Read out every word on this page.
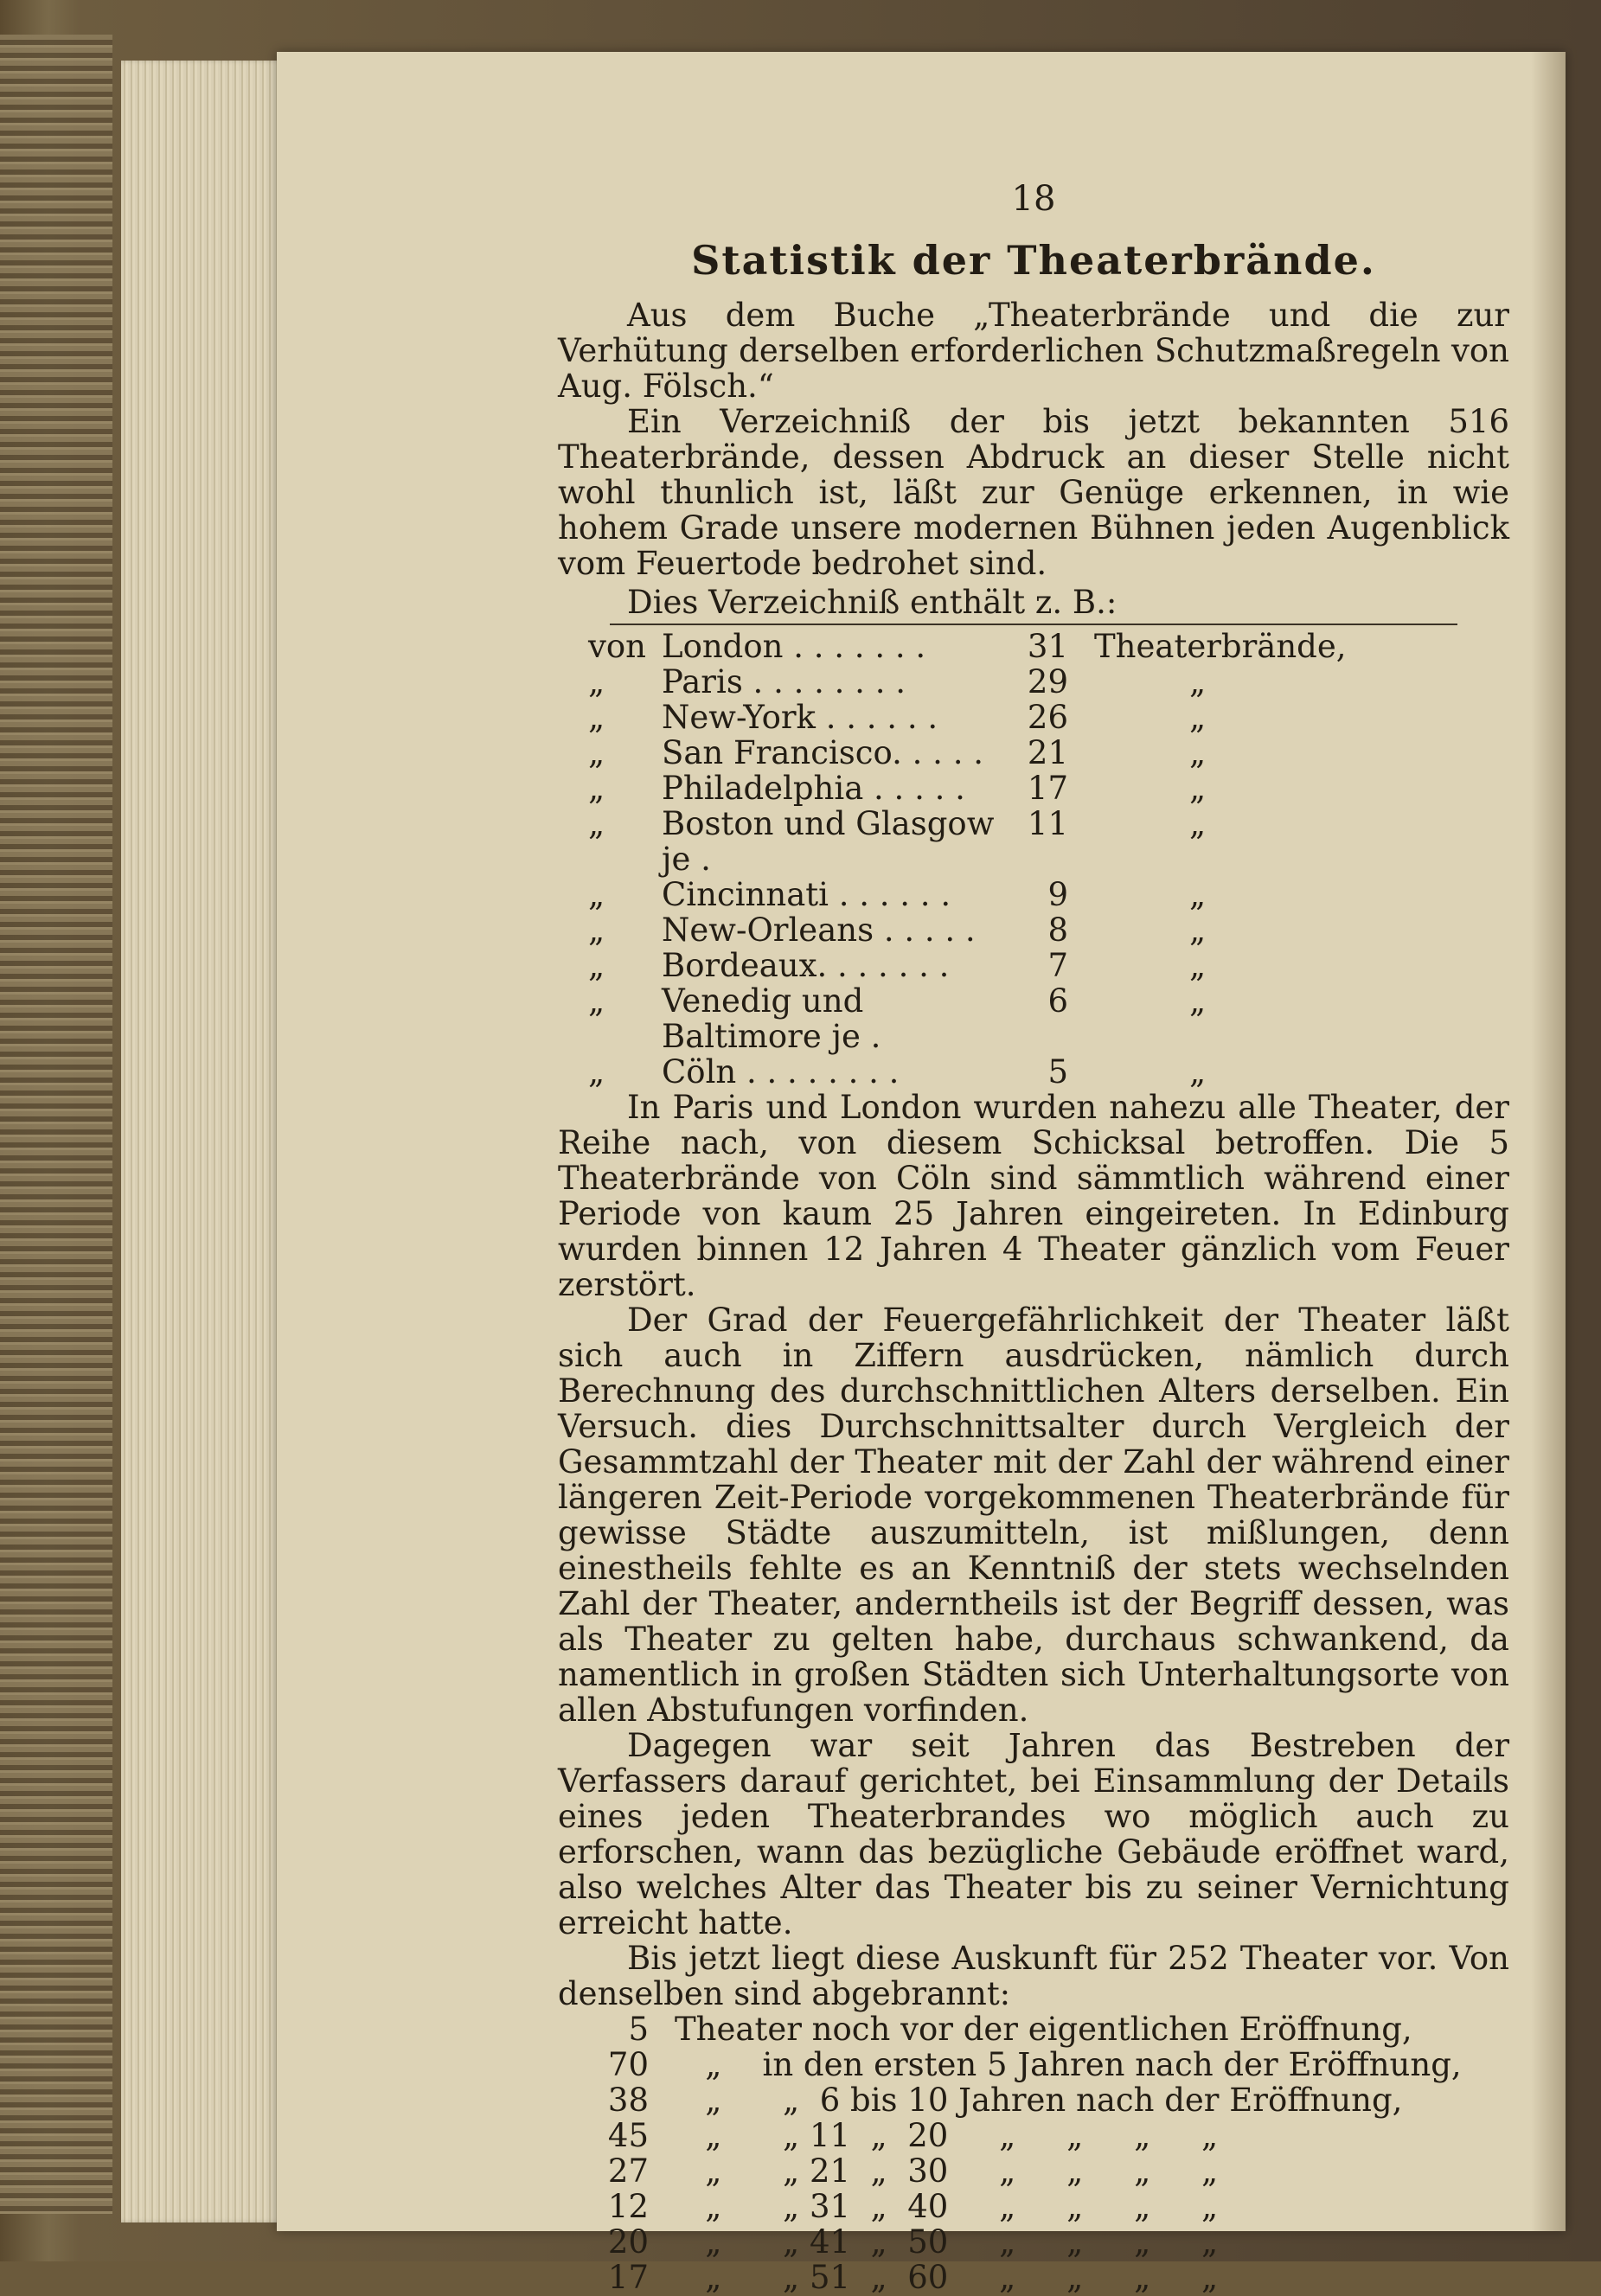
18
Statistik der Theaterbrände.

Aus dem Buche „Theaterbrände und die zur Verhütung derselben erforderlichen Schutzmaßregeln von Aug. Fölsch.“

Ein Verzeichniß der bis jetzt bekannten 516 Theaterbrände, dessen Abdruck an dieser Stelle nicht wohl thunlich ist, läßt zur Genüge erkennen, in wie hohem Grade unsere modernen Bühnen jeden Augenblick vom Feuertode bedrohet sind.

Dies Verzeichniß enthält z. B.:

von	London . . . . . . .	31	Theaterbrände,
„	Paris . . . . . . . .	29	„
„	New-York . . . . . .	26	„
„	San Francisco. . . . .	21	„
„	Philadelphia . . . . .	17	„
„	Boston und Glasgow je .	11	„
„	Cincinnati . . . . . .	9	„
„	New-Orleans . . . . .	8	„
„	Bordeaux. . . . . . .	7	„
„	Venedig und Baltimore je .	6	„
„	Cöln . . . . . . . .	5	„

In Paris und London wurden nahezu alle Theater, der Reihe nach, von diesem Schicksal betroffen. Die 5 Theaterbrände von Cöln sind sämmtlich während einer Periode von kaum 25 Jahren eingeireten. In Edinburg wurden binnen 12 Jahren 4 Theater gänzlich vom Feuer zerstört.

Der Grad der Feuergefährlichkeit der Theater läßt sich auch in Ziffern ausdrücken, nämlich durch Berechnung des durchschnittlichen Alters derselben. Ein Versuch. dies Durchschnittsalter durch Vergleich der Gesammtzahl der Theater mit der Zahl der während einer längeren Zeit-Periode vorgekommenen Theaterbrände für gewisse Städte auszumitteln, ist mißlungen, denn einestheils fehlte es an Kenntniß der stets wechselnden Zahl der Theater, anderntheils ist der Begriff dessen, was als Theater zu gelten habe, durchaus schwankend, da namentlich in großen Städten sich Unterhaltungsorte von allen Abstufungen vorfinden.

Dagegen war seit Jahren das Bestreben der Verfassers darauf gerichtet, bei Einsammlung der Details eines jeden Theaterbrandes wo möglich auch zu erforschen, wann das bezügliche Gebäude eröffnet ward, also welches Alter das Theater bis zu seiner Vernichtung erreicht hatte.

Bis jetzt liegt diese Auskunft für 252 Theater vor. Von denselben sind abgebrannt:

5	Theater noch vor der eigentlichen Eröffnung,
70	„    in den ersten 5 Jahren nach der Eröffnung,
38	„      „  6 bis 10 Jahren nach der Eröffnung,
45	„      „ 11  „  20     „     „     „     „
27	„      „ 21  „  30     „     „     „     „
12	„      „ 31  „  40     „     „     „     „
20	„      „ 41  „  50     „     „     „     „
17	„      „ 51  „  60     „     „     „     „
